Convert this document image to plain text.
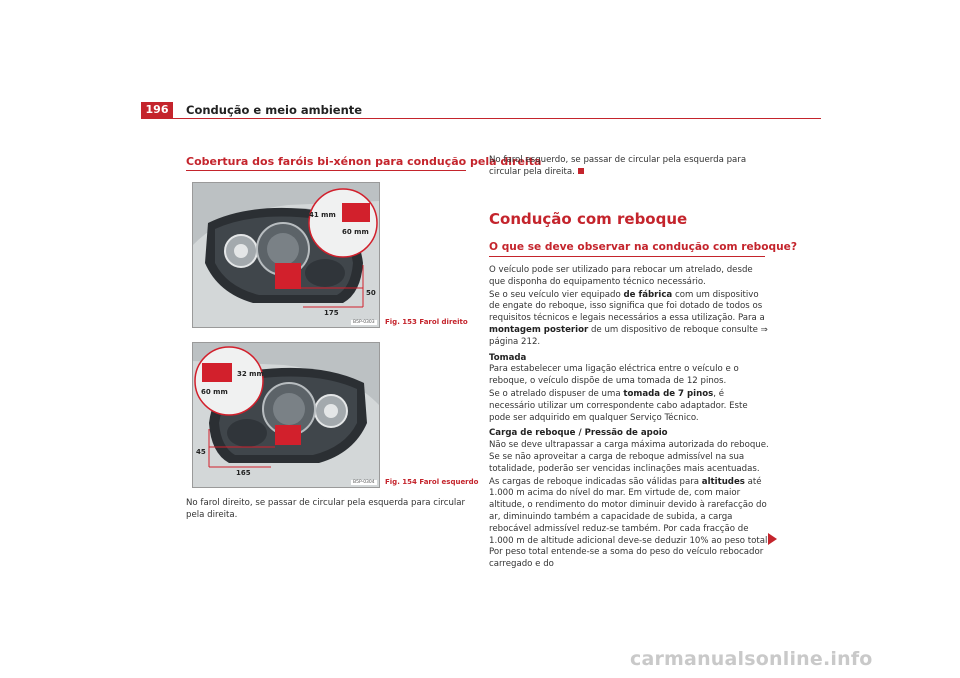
196	Condução e meio ambiente
Cobertura dos faróis bi-xénon para condução pela direita
41 mm
60 mm
50
175
B5P-0303 Fig. 153 Farol direito
32 mm
60 mm
45
165
B5P-0304 Fig. 154 Farol esquerdo
No farol direito, se passar de circular pela esquerda para circular pela direita.
No farol esquerdo, se passar de circular pela esquerda para circular pela direita.
Condução com reboque
O que se deve observar na condução com reboque?
O veículo pode ser utilizado para rebocar um atrelado, desde que disponha do equipamento técnico necessário.
Se o seu veículo vier equipado de fábrica com um dispositivo de engate do reboque, isso significa que foi dotado de todos os requisitos técnicos e legais necessários a essa utilização. Para a montagem posterior de um dispositivo de reboque consulte ⇒ página 212.
Tomada
Para estabelecer uma ligação eléctrica entre o veículo e o reboque, o veículo dispõe de uma tomada de 12 pinos.
Se o atrelado dispuser de uma tomada de 7 pinos, é necessário utilizar um correspondente cabo adaptador. Este pode ser adquirido em qualquer Serviço Técnico.
Carga de reboque / Pressão de apoio
Não se deve ultrapassar a carga máxima autorizada do reboque. Se se não aproveitar a carga de reboque admissível na sua totalidade, poderão ser vencidas inclinações mais acentuadas.
As cargas de reboque indicadas são válidas para altitudes até 1.000 m acima do nível do mar. Em virtude de, com maior altitude, o rendimento do motor diminuir devido à rarefacção do ar, diminuindo também a capacidade de subida, a carga rebocável admissível reduz-se também. Por cada fracção de 1.000 m de altitude adicional deve-se deduzir 10% ao peso total. Por peso total entende-se a soma do peso do veículo rebocador carregado e do
carmanualsonline.info
